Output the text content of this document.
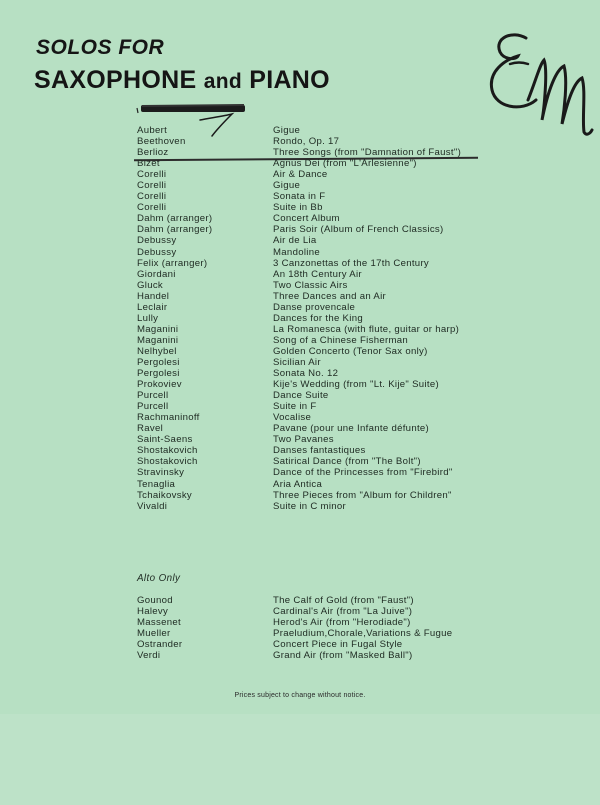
SOLOS FOR
SAXOPHONE and PIANO
Aubert	Gigue
Beethoven	Rondo, Op. 17
Berlioz	Three Songs (from "Damnation of Faust")
Bizet	Agnus Dei (from "L'Arlesienne")
Corelli	Air & Dance
Corelli	Gigue
Corelli	Sonata in F
Corelli	Suite in Bb
Dahm (arranger)	Concert Album
Dahm (arranger)	Paris Soir (Album of French Classics)
Debussy	Air de Lia
Debussy	Mandoline
Felix (arranger)	3 Canzonettas of the 17th Century
Giordani	An 18th Century Air
Gluck	Two Classic Airs
Handel	Three Dances and an Air
Leclair	Danse provencale
Lully	Dances for the King
Maganini	La Romanesca (with flute, guitar or harp)
Maganini	Song of a Chinese Fisherman
Nelhybel	Golden Concerto (Tenor Sax only)
Pergolesi	Sicilian Air
Pergolesi	Sonata No. 12
Prokoviev	Kije's Wedding (from "Lt. Kije" Suite)
Purcell	Dance Suite
Purcell	Suite in F
Rachmaninoff	Vocalise
Ravel	Pavane (pour une Infante défunte)
Saint-Saens	Two Pavanes
Shostakovich	Danses fantastiques
Shostakovich	Satirical Dance (from "The Bolt")
Stravinsky	Dance of the Princesses from "Firebird"
Tenaglia	Aria Antica
Tchaikovsky	Three Pieces from "Album for Children"
Vivaldi	Suite in C minor
Alto Only
Gounod	The Calf of Gold (from "Faust")
Halevy	Cardinal's Air (from "La Juive")
Massenet	Herod's Air (from "Herodiade")
Mueller	Praeludium,Chorale,Variations & Fugue
Ostrander	Concert Piece in Fugal Style
Verdi	Grand Air (from "Masked Ball")
Prices subject to change without notice.
